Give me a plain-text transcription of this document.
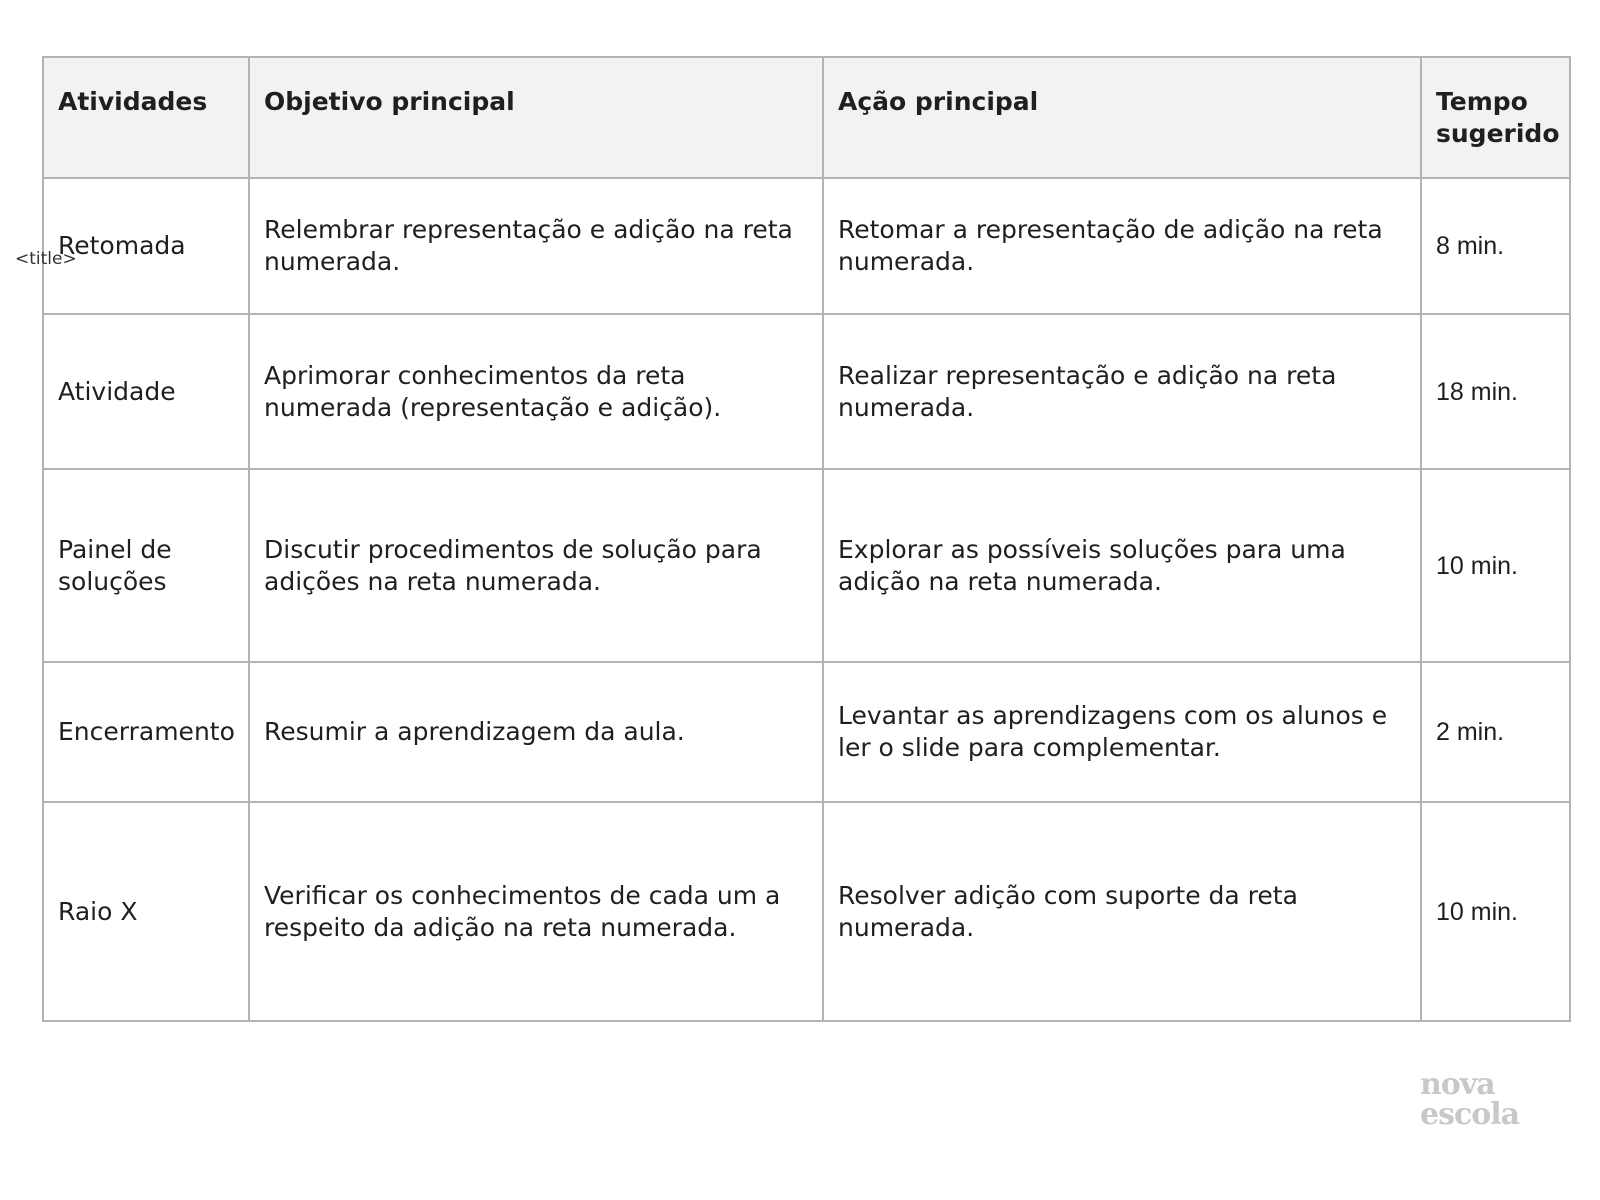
<title>
Atividades	Objetivo principal	Ação principal	Tempo sugerido
Retomada	Relembrar representação e adição na reta numerada.	Retomar a representação de adição na reta numerada.	8 min.
Atividade	Aprimorar conhecimentos da reta numerada (representação e adição).	Realizar representação e adição na reta numerada.	18 min.
Painel de soluções	Discutir procedimentos de solução para adições na reta numerada.	Explorar as possíveis soluções para uma adição na reta numerada.	10 min.
Encerramento	Resumir a aprendizagem da aula.	Levantar as aprendizagens com os alunos e ler o slide para complementar.	2 min.
Raio X	Verificar os conhecimentos de cada um a respeito da adição na reta numerada.	Resolver adição com suporte da reta numerada.	10 min.
nova
escola
